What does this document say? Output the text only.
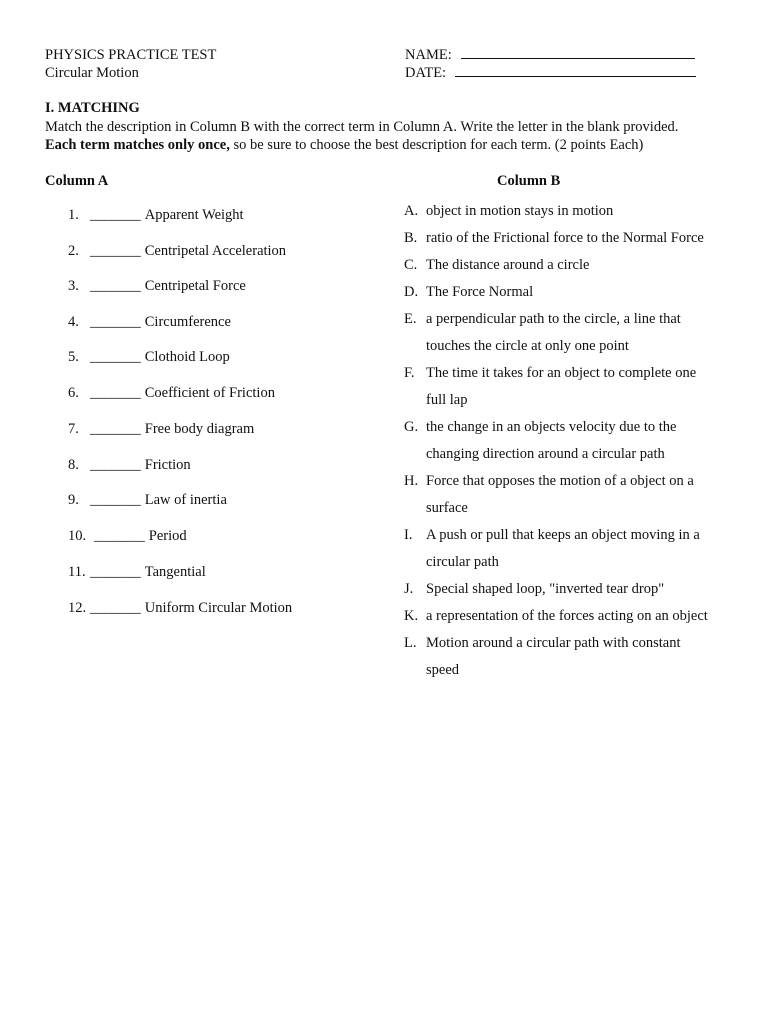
PHYSICS PRACTICE TEST
Circular Motion
NAME:
DATE:
I. MATCHING
Match the description in Column B with the correct term in Column A. Write the letter in the blank provided.
Each term matches only once, so be sure to choose the best description for each term. (2 points Each)
Column A	Column B
1. _______ Apparent Weight
2. _______ Centripetal Acceleration
3. _______ Centripetal Force
4. _______ Circumference
5. _______ Clothoid Loop
6. _______ Coefficient of Friction
7. _______ Free body diagram
8. _______ Friction
9. _______ Law of inertia
10. _______ Period
11. _______ Tangential
12. _______ Uniform Circular Motion
A. object in motion stays in motion
B. ratio of the Frictional force to the Normal Force
C. The distance around a circle
D. The Force Normal
E. a perpendicular path to the circle, a line that touches the circle at only one point
F. The time it takes for an object to complete one full lap
G. the change in an objects velocity due to the changing direction around a circular path
H. Force that opposes the motion of a object on a surface
I. A push or pull that keeps an object moving in a circular path
J. Special shaped loop, "inverted tear drop"
K. a representation of the forces acting on an object
L. Motion around a circular path with constant speed
